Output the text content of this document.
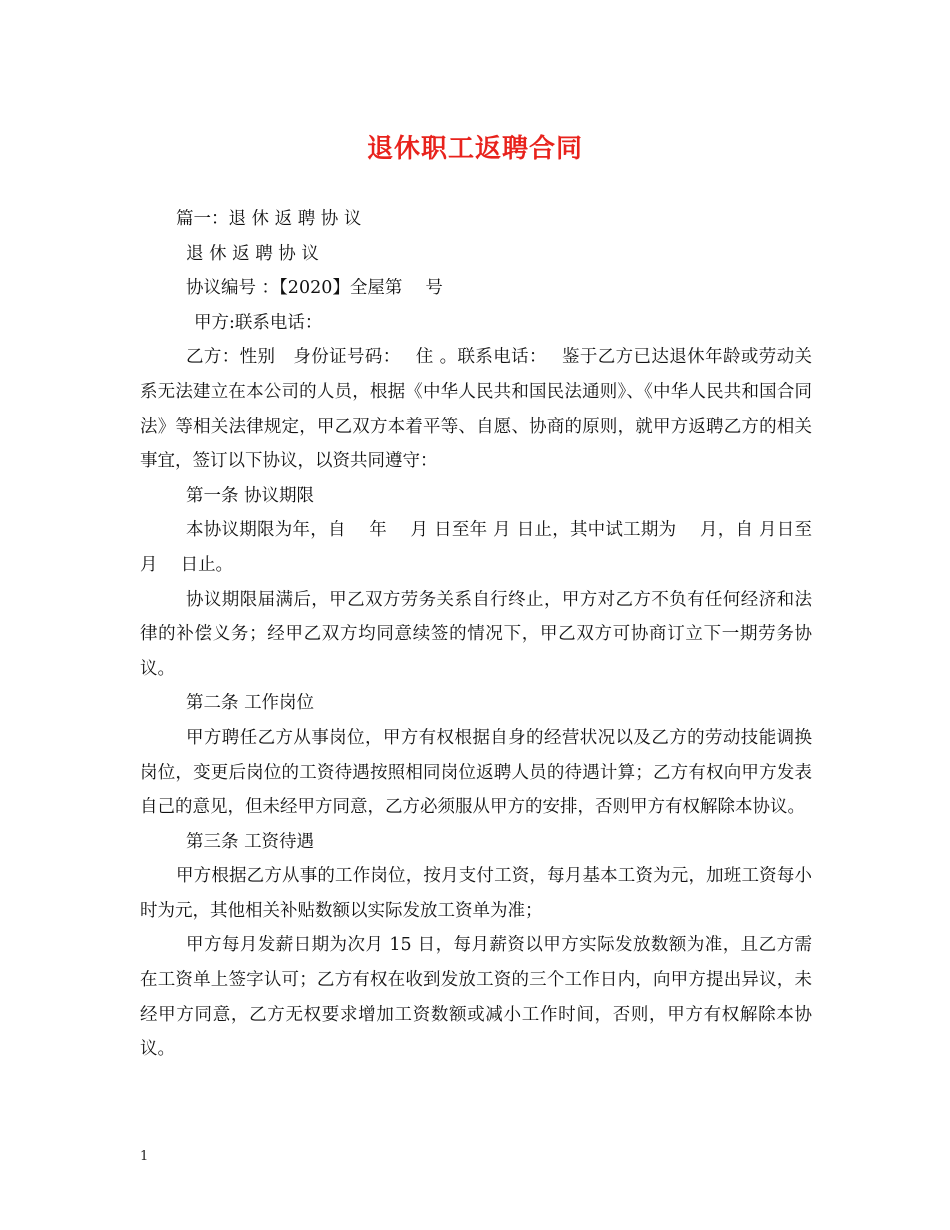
退休职工返聘合同

篇一：退 休 返 聘 协 议

退 休 返 聘 协 议

协议编号 ：【2020】全屋第　 号

甲方:联系电话：

乙方：性别　身份证号码：　 住 。联系电话：　 鉴于乙方已达退休年龄或劳动关系无法建立在本公司的人员，根据《中华人民共和国民法通则》、《中华人民共和国合同法》等相关法律规定，甲乙双方本着平等、自愿、协商的原则，就甲方返聘乙方的相关事宜，签订以下协议，以资共同遵守：

第一条 协议期限

本协议期限为年，自　 年　 月 日至年 月 日止，其中试工期为　 月，自 月日至　 月　 日止。

协议期限届满后，甲乙双方劳务关系自行终止，甲方对乙方不负有任何经济和法律的补偿义务；经甲乙双方均同意续签的情况下，甲乙双方可协商订立下一期劳务协议。

第二条 工作岗位

甲方聘任乙方从事岗位，甲方有权根据自身的经营状况以及乙方的劳动技能调换岗位，变更后岗位的工资待遇按照相同岗位返聘人员的待遇计算；乙方有权向甲方发表自己的意见，但未经甲方同意，乙方必须服从甲方的安排，否则甲方有权解除本协议。

第三条 工资待遇

甲方根据乙方从事的工作岗位，按月支付工资，每月基本工资为元，加班工资每小时为元，其他相关补贴数额以实际发放工资单为准；

甲方每月发薪日期为次月 15 日，每月薪资以甲方实际发放数额为准，且乙方需在工资单上签字认可；乙方有权在收到发放工资的三个工作日内，向甲方提出异议，未经甲方同意，乙方无权要求增加工资数额或减小工作时间，否则，甲方有权解除本协议。

1
